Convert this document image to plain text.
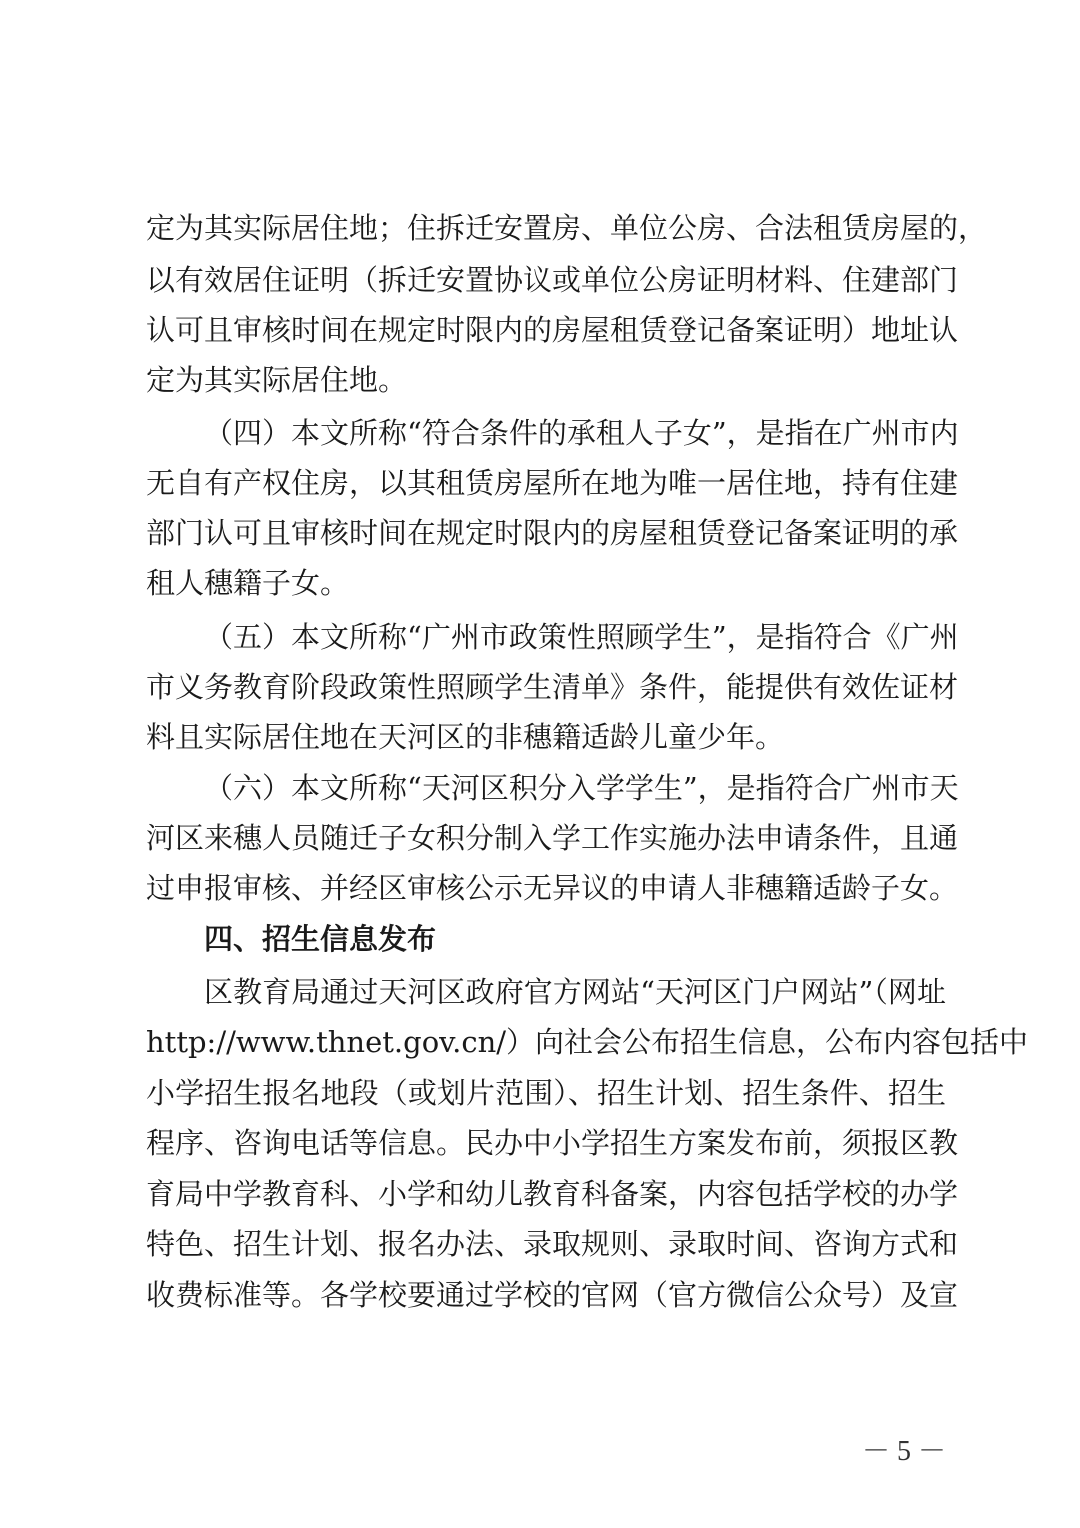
定为其实际居住地；住拆迁安置房、单位公房、合法租赁房屋的，
以有效居住证明（拆迁安置协议或单位公房证明材料、住建部门
认可且审核时间在规定时限内的房屋租赁登记备案证明）地址认
定为其实际居住地。
（四）本文所称“符合条件的承租人子女”，是指在广州市内
无自有产权住房，以其租赁房屋所在地为唯一居住地，持有住建
部门认可且审核时间在规定时限内的房屋租赁登记备案证明的承
租人穗籍子女。
（五）本文所称“广州市政策性照顾学生”，是指符合《广州
市义务教育阶段政策性照顾学生清单》条件，能提供有效佐证材
料且实际居住地在天河区的非穗籍适龄儿童少年。
（六）本文所称“天河区积分入学学生”，是指符合广州市天
河区来穗人员随迁子女积分制入学工作实施办法申请条件，且通
过申报审核、并经区审核公示无异议的申请人非穗籍适龄子女。
四、招生信息发布
区教育局通过天河区政府官方网站“天河区门户网站”（网址
http://www.thnet.gov.cn/）向社会公布招生信息，公布内容包括中
小学招生报名地段（或划片范围）、招生计划、招生条件、招生
程序、咨询电话等信息。民办中小学招生方案发布前，须报区教
育局中学教育科、小学和幼儿教育科备案，内容包括学校的办学
特色、招生计划、报名办法、录取规则、录取时间、咨询方式和
收费标准等。各学校要通过学校的官网（官方微信公众号）及宣
－ 5 －
